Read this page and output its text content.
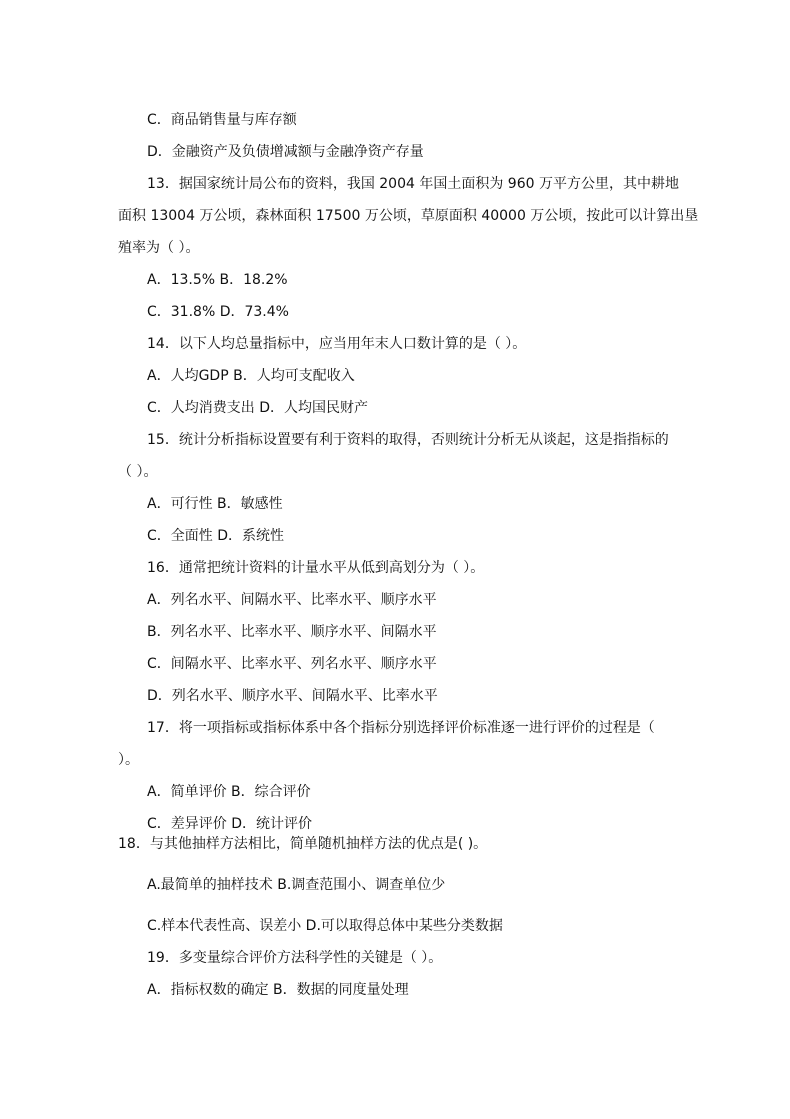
C．商品销售量与库存额
D．金融资产及负债增减额与金融净资产存量
13．据国家统计局公布的资料，我国 2004 年国土面积为 960 万平方公里，其中耕地
面积 13004 万公顷，森林面积 17500 万公顷，草原面积 40000 万公顷，按此可以计算出垦
殖率为（ ）。
A．13.5% B．18.2%
C．31.8% D．73.4%
14．以下人均总量指标中，应当用年末人口数计算的是（ ）。
A．人均GDP B．人均可支配收入
C．人均消费支出 D．人均国民财产
15．统计分析指标设置要有利于资料的取得，否则统计分析无从谈起，这是指指标的
（ ）。
A．可行性 B．敏感性
C．全面性 D．系统性
16．通常把统计资料的计量水平从低到高划分为（ ）。
A．列名水平、间隔水平、比率水平、顺序水平
B．列名水平、比率水平、顺序水平、间隔水平
C．间隔水平、比率水平、列名水平、顺序水平
D．列名水平、顺序水平、间隔水平、比率水平
17．将一项指标或指标体系中各个指标分别选择评价标准逐一进行评价的过程是（
）。
A．简单评价 B．综合评价
C．差异评价 D．统计评价
18．与其他抽样方法相比，简单随机抽样方法的优点是( )。
A.最简单的抽样技术 B.调查范围小、调查单位少
C.样本代表性高、误差小 D.可以取得总体中某些分类数据
19．多变量综合评价方法科学性的关键是（ ）。
A．指标权数的确定 B．数据的同度量处理
